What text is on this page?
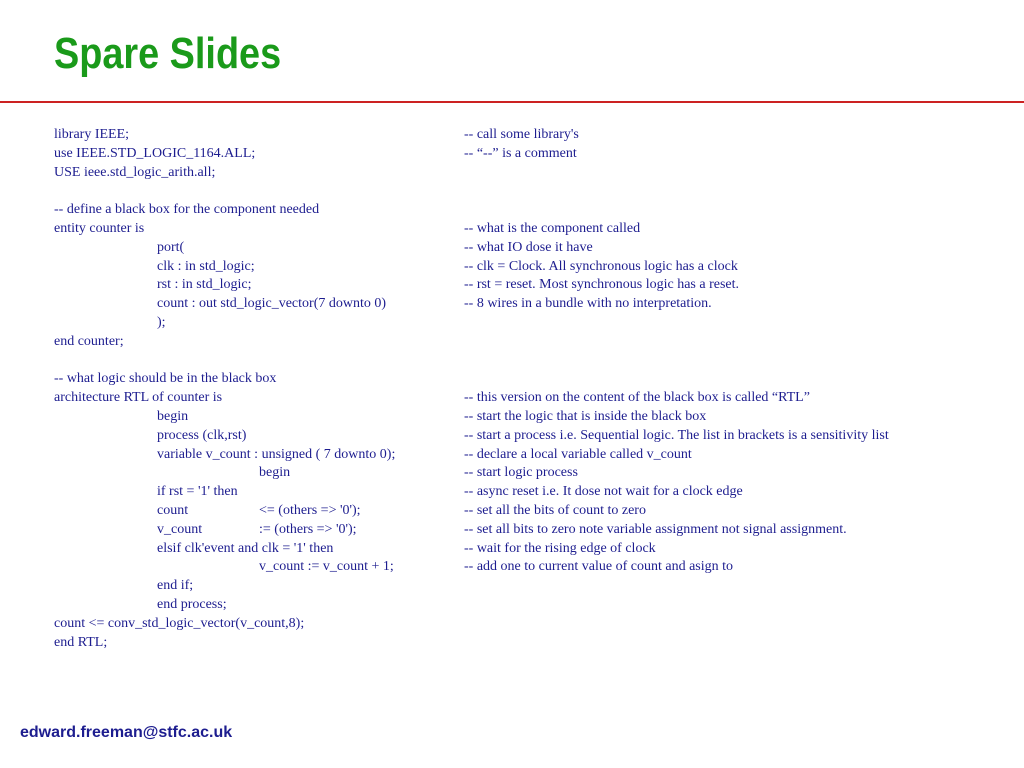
Spare Slides
library IEEE;	-- call some library's
use IEEE.STD_LOGIC_1164.ALL;	-- “--” is a comment
USE ieee.std_logic_arith.all;
-- define a black box for the component needed
entity counter is	-- what is the component called
port(	-- what IO dose it have
clk : in std_logic;	-- clk = Clock. All synchronous logic has a clock
rst : in std_logic;	-- rst = reset. Most synchronous logic has a reset.
count : out std_logic_vector(7 downto 0)	-- 8 wires in a bundle with no interpretation.
);
end counter;
-- what logic should be in the black box
architecture RTL of counter is	-- this version on the content of the black box is called “RTL”
begin	-- start the logic that is inside the black box
process (clk,rst)	-- start a process i.e. Sequential logic. The list in brackets is a sensitivity list
variable v_count : unsigned ( 7 downto 0);	-- declare a local variable called v_count
begin	-- start logic process
if rst = '1' then	-- async reset i.e. It dose not wait for a clock edge
count	<= (others => '0');	-- set all the bits of count to zero
v_count	:= (others => '0');	-- set all bits to zero note variable assignment not signal assignment.
elsif clk'event and clk = '1' then	-- wait for the rising edge of clock
v_count := v_count + 1;	-- add one to current value of count and asign to
end if;
end process;
count <= conv_std_logic_vector(v_count,8);
end RTL;
edward.freeman@stfc.ac.uk
